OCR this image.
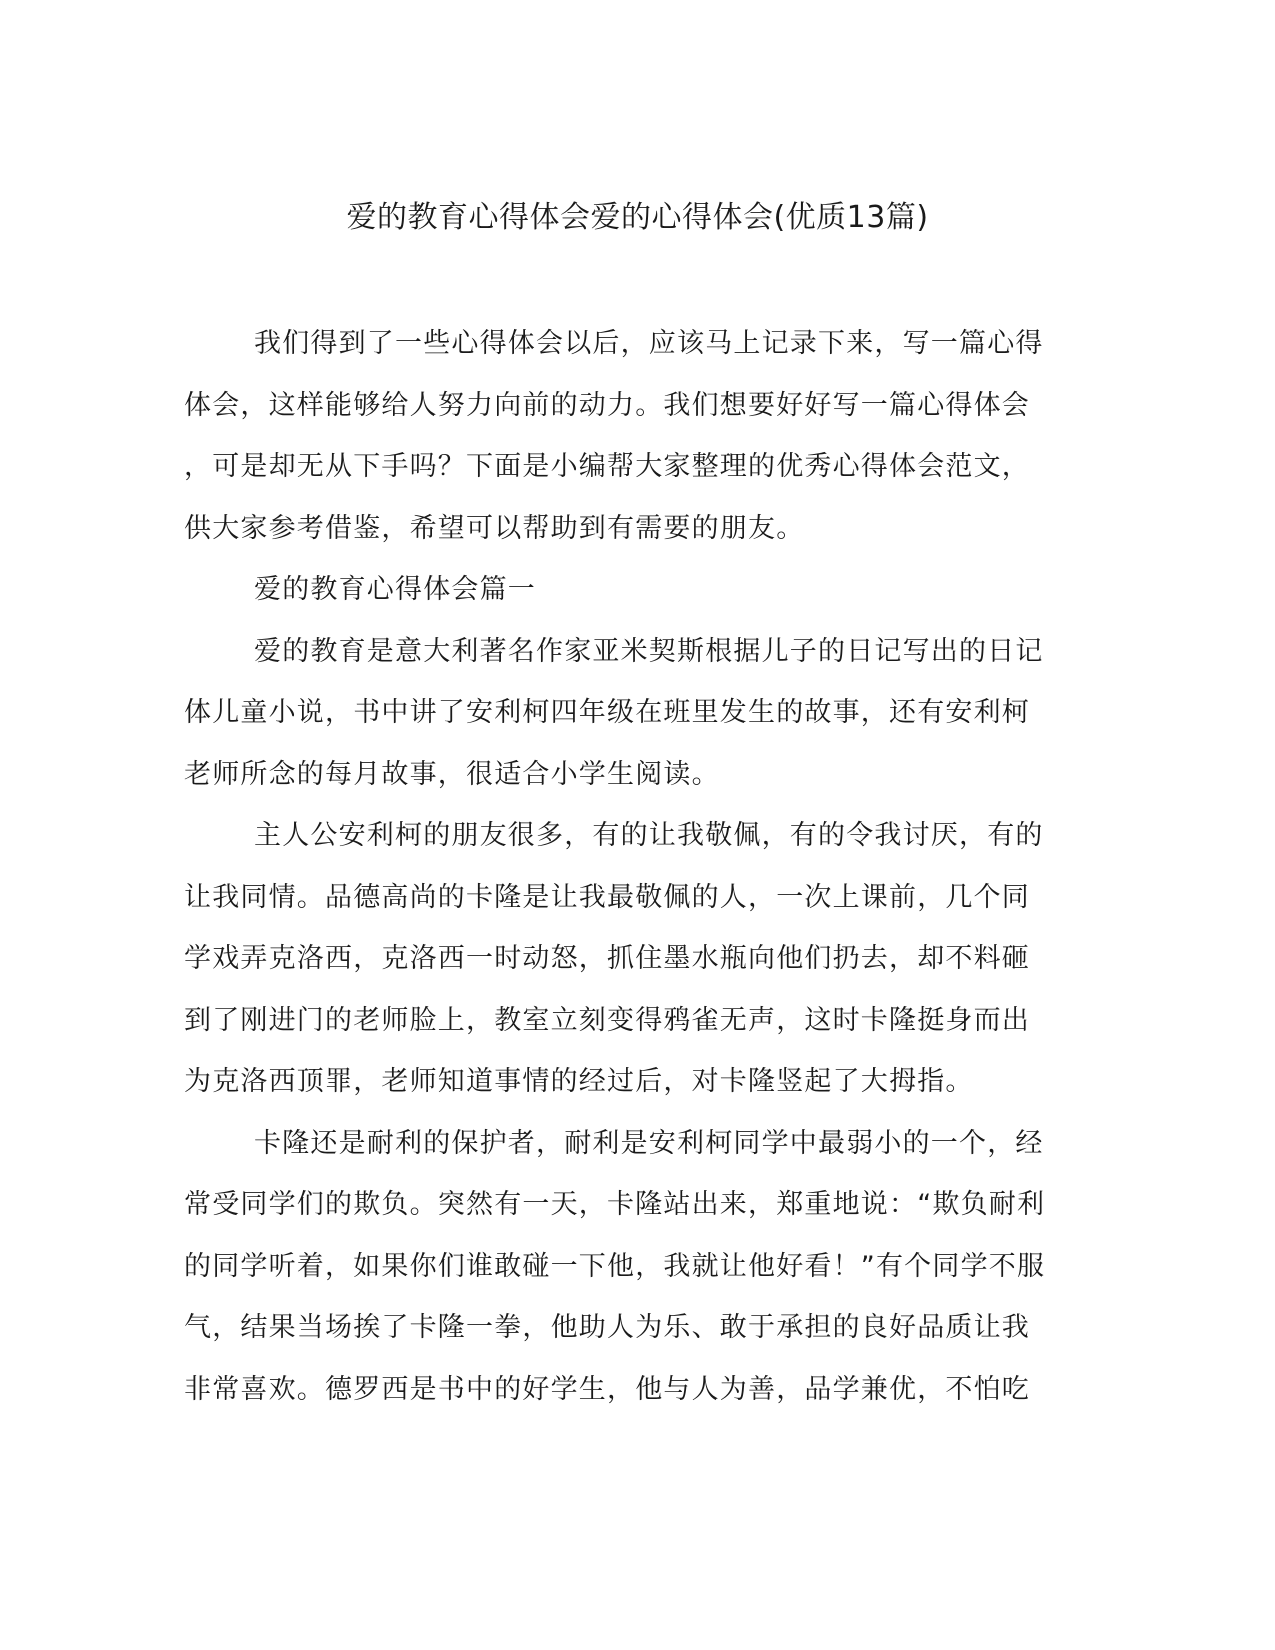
爱的教育心得体会爱的心得体会(优质13篇)
我们得到了一些心得体会以后，应该马上记录下来，写一篇心得
体会，这样能够给人努力向前的动力。我们想要好好写一篇心得体会
，可是却无从下手吗？下面是小编帮大家整理的优秀心得体会范文，
供大家参考借鉴，希望可以帮助到有需要的朋友。
爱的教育心得体会篇一
爱的教育是意大利著名作家亚米契斯根据儿子的日记写出的日记
体儿童小说，书中讲了安利柯四年级在班里发生的故事，还有安利柯
老师所念的每月故事，很适合小学生阅读。
主人公安利柯的朋友很多，有的让我敬佩，有的令我讨厌，有的
让我同情。品德高尚的卡隆是让我最敬佩的人，一次上课前，几个同
学戏弄克洛西，克洛西一时动怒，抓住墨水瓶向他们扔去，却不料砸
到了刚进门的老师脸上，教室立刻变得鸦雀无声，这时卡隆挺身而出
为克洛西顶罪，老师知道事情的经过后，对卡隆竖起了大拇指。
卡隆还是耐利的保护者，耐利是安利柯同学中最弱小的一个，经
常受同学们的欺负。突然有一天，卡隆站出来，郑重地说：“欺负耐利
的同学听着，如果你们谁敢碰一下他，我就让他好看！”有个同学不服
气，结果当场挨了卡隆一拳，他助人为乐、敢于承担的良好品质让我
非常喜欢。德罗西是书中的好学生，他与人为善，品学兼优，不怕吃
